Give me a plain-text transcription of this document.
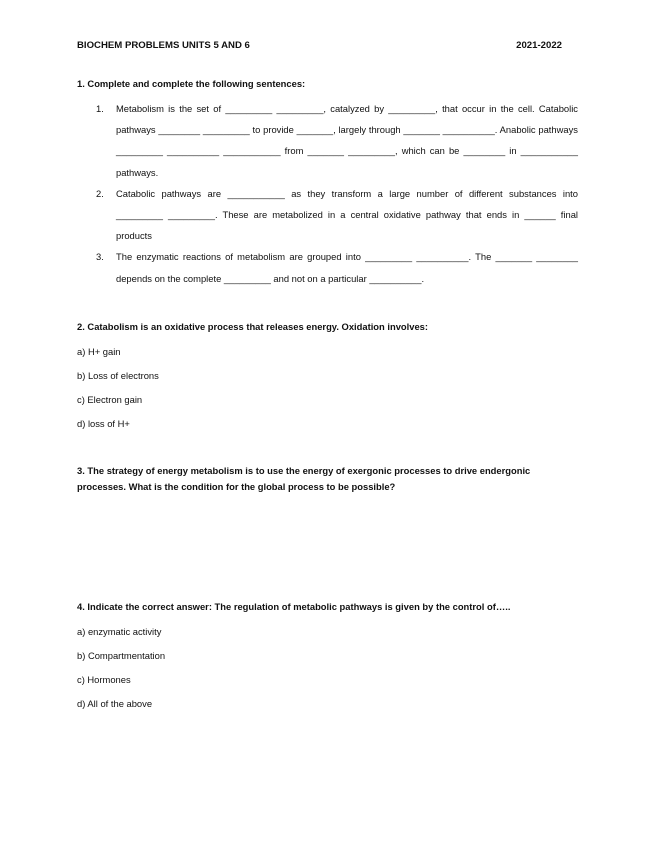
BIOCHEM PROBLEMS UNITS 5 AND 6	2021-2022
1. Complete and complete the following sentences:
1. Metabolism is the set of _________ _________, catalyzed by _________, that occur in the cell. Catabolic pathways ________ _________ to provide _______, largely through _______ __________. Anabolic pathways _________ __________ ___________ from _______ _________, which can be ________ in ___________ pathways.
2. Catabolic pathways are ___________ as they transform a large number of different substances into _________ _________. These are metabolized in a central oxidative pathway that ends in ______ final products
3. The enzymatic reactions of metabolism are grouped into _________ __________. The _______ ________ depends on the complete _________ and not on a particular __________.
2. Catabolism is an oxidative process that releases energy. Oxidation involves:
a) H+ gain
b) Loss of electrons
c) Electron gain
d) loss of H+
3. The strategy of energy metabolism is to use the energy of exergonic processes to drive endergonic processes. What is the condition for the global process to be possible?
4. Indicate the correct answer: The regulation of metabolic pathways is given by the control of…..
a) enzymatic activity
b) Compartmentation
c) Hormones
d) All of the above
